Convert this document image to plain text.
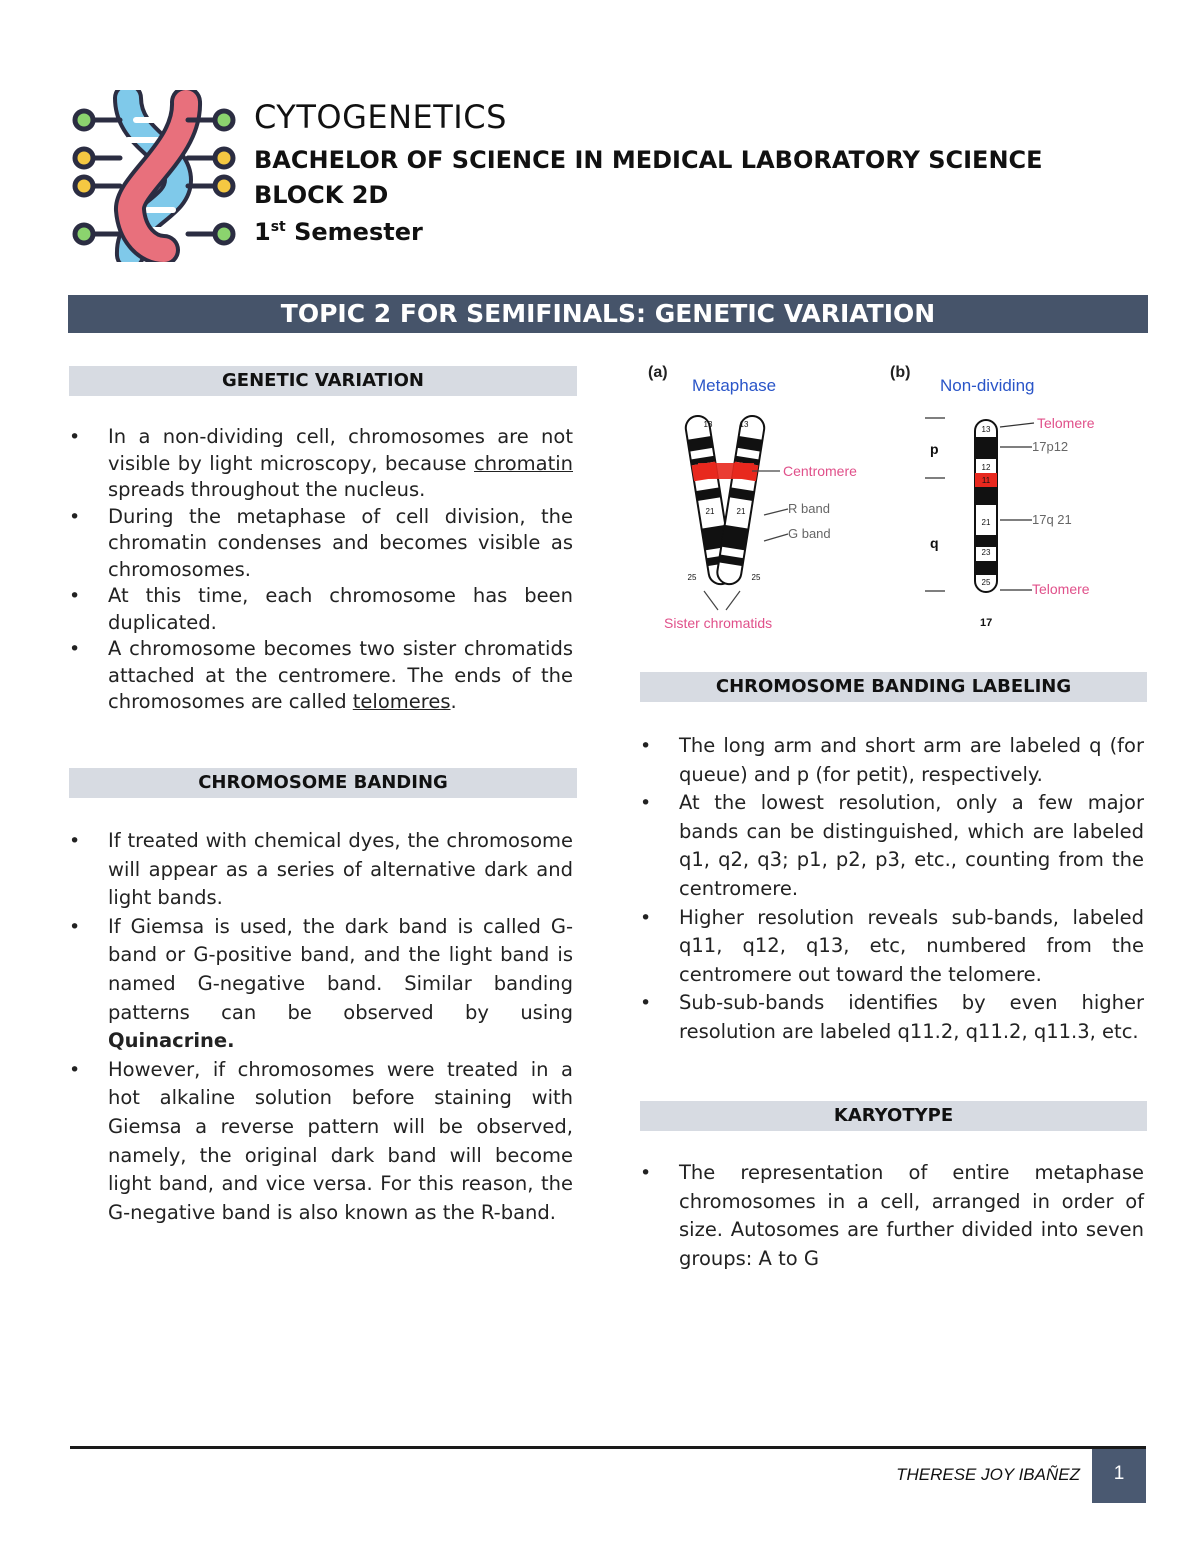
CYTOGENETICS
BACHELOR OF SCIENCE IN MEDICAL LABORATORY SCIENCE
BLOCK 2D
1st Semester
TOPIC 2 FOR SEMIFINALS: GENETIC VARIATION
GENETIC VARIATION
• In a non-dividing cell, chromosomes are not visible by light microscopy, because chromatin spreads throughout the nucleus.
• During the metaphase of cell division, the chromatin condenses and becomes visible as chromosomes.
• At this time, each chromosome has been duplicated.
• A chromosome becomes two sister chromatids attached at the centromere. The ends of the chromosomes are called telomeres.
CHROMOSOME BANDING
• If treated with chemical dyes, the chromosome will appear as a series of alternative dark and light bands.
• If Giemsa is used, the dark band is called G-band or G-positive band, and the light band is named G-negative band. Similar banding patterns can be observed by using Quinacrine.
• However, if chromosomes were treated in a hot alkaline solution before staining with Giemsa a reverse pattern will be observed, namely, the original dark band will become light band, and vice versa. For this reason, the G-negative band is also known as the R-band.
(a)
Metaphase
(b)
Non-dividing
13	13
21	21
25	25
Centromere
R band
G band
Sister chromatids
13
12
11
21
23
25
p
q
Telomere
17p12
17q 21
Telomere
17
CHROMOSOME BANDING LABELING
• The long arm and short arm are labeled q (for queue) and p (for petit), respectively.
• At the lowest resolution, only a few major bands can be distinguished, which are labeled q1, q2, q3; p1, p2, p3, etc., counting from the centromere.
• Higher resolution reveals sub-bands, labeled q11, q12, q13, etc, numbered from the centromere out toward the telomere.
• Sub-sub-bands identifies by even higher resolution are labeled q11.2, q11.2, q11.3, etc.
KARYOTYPE
• The representation of entire metaphase chromosomes in a cell, arranged in order of size. Autosomes are further divided into seven groups: A to G
THERESE JOY IBAÑEZ	1
